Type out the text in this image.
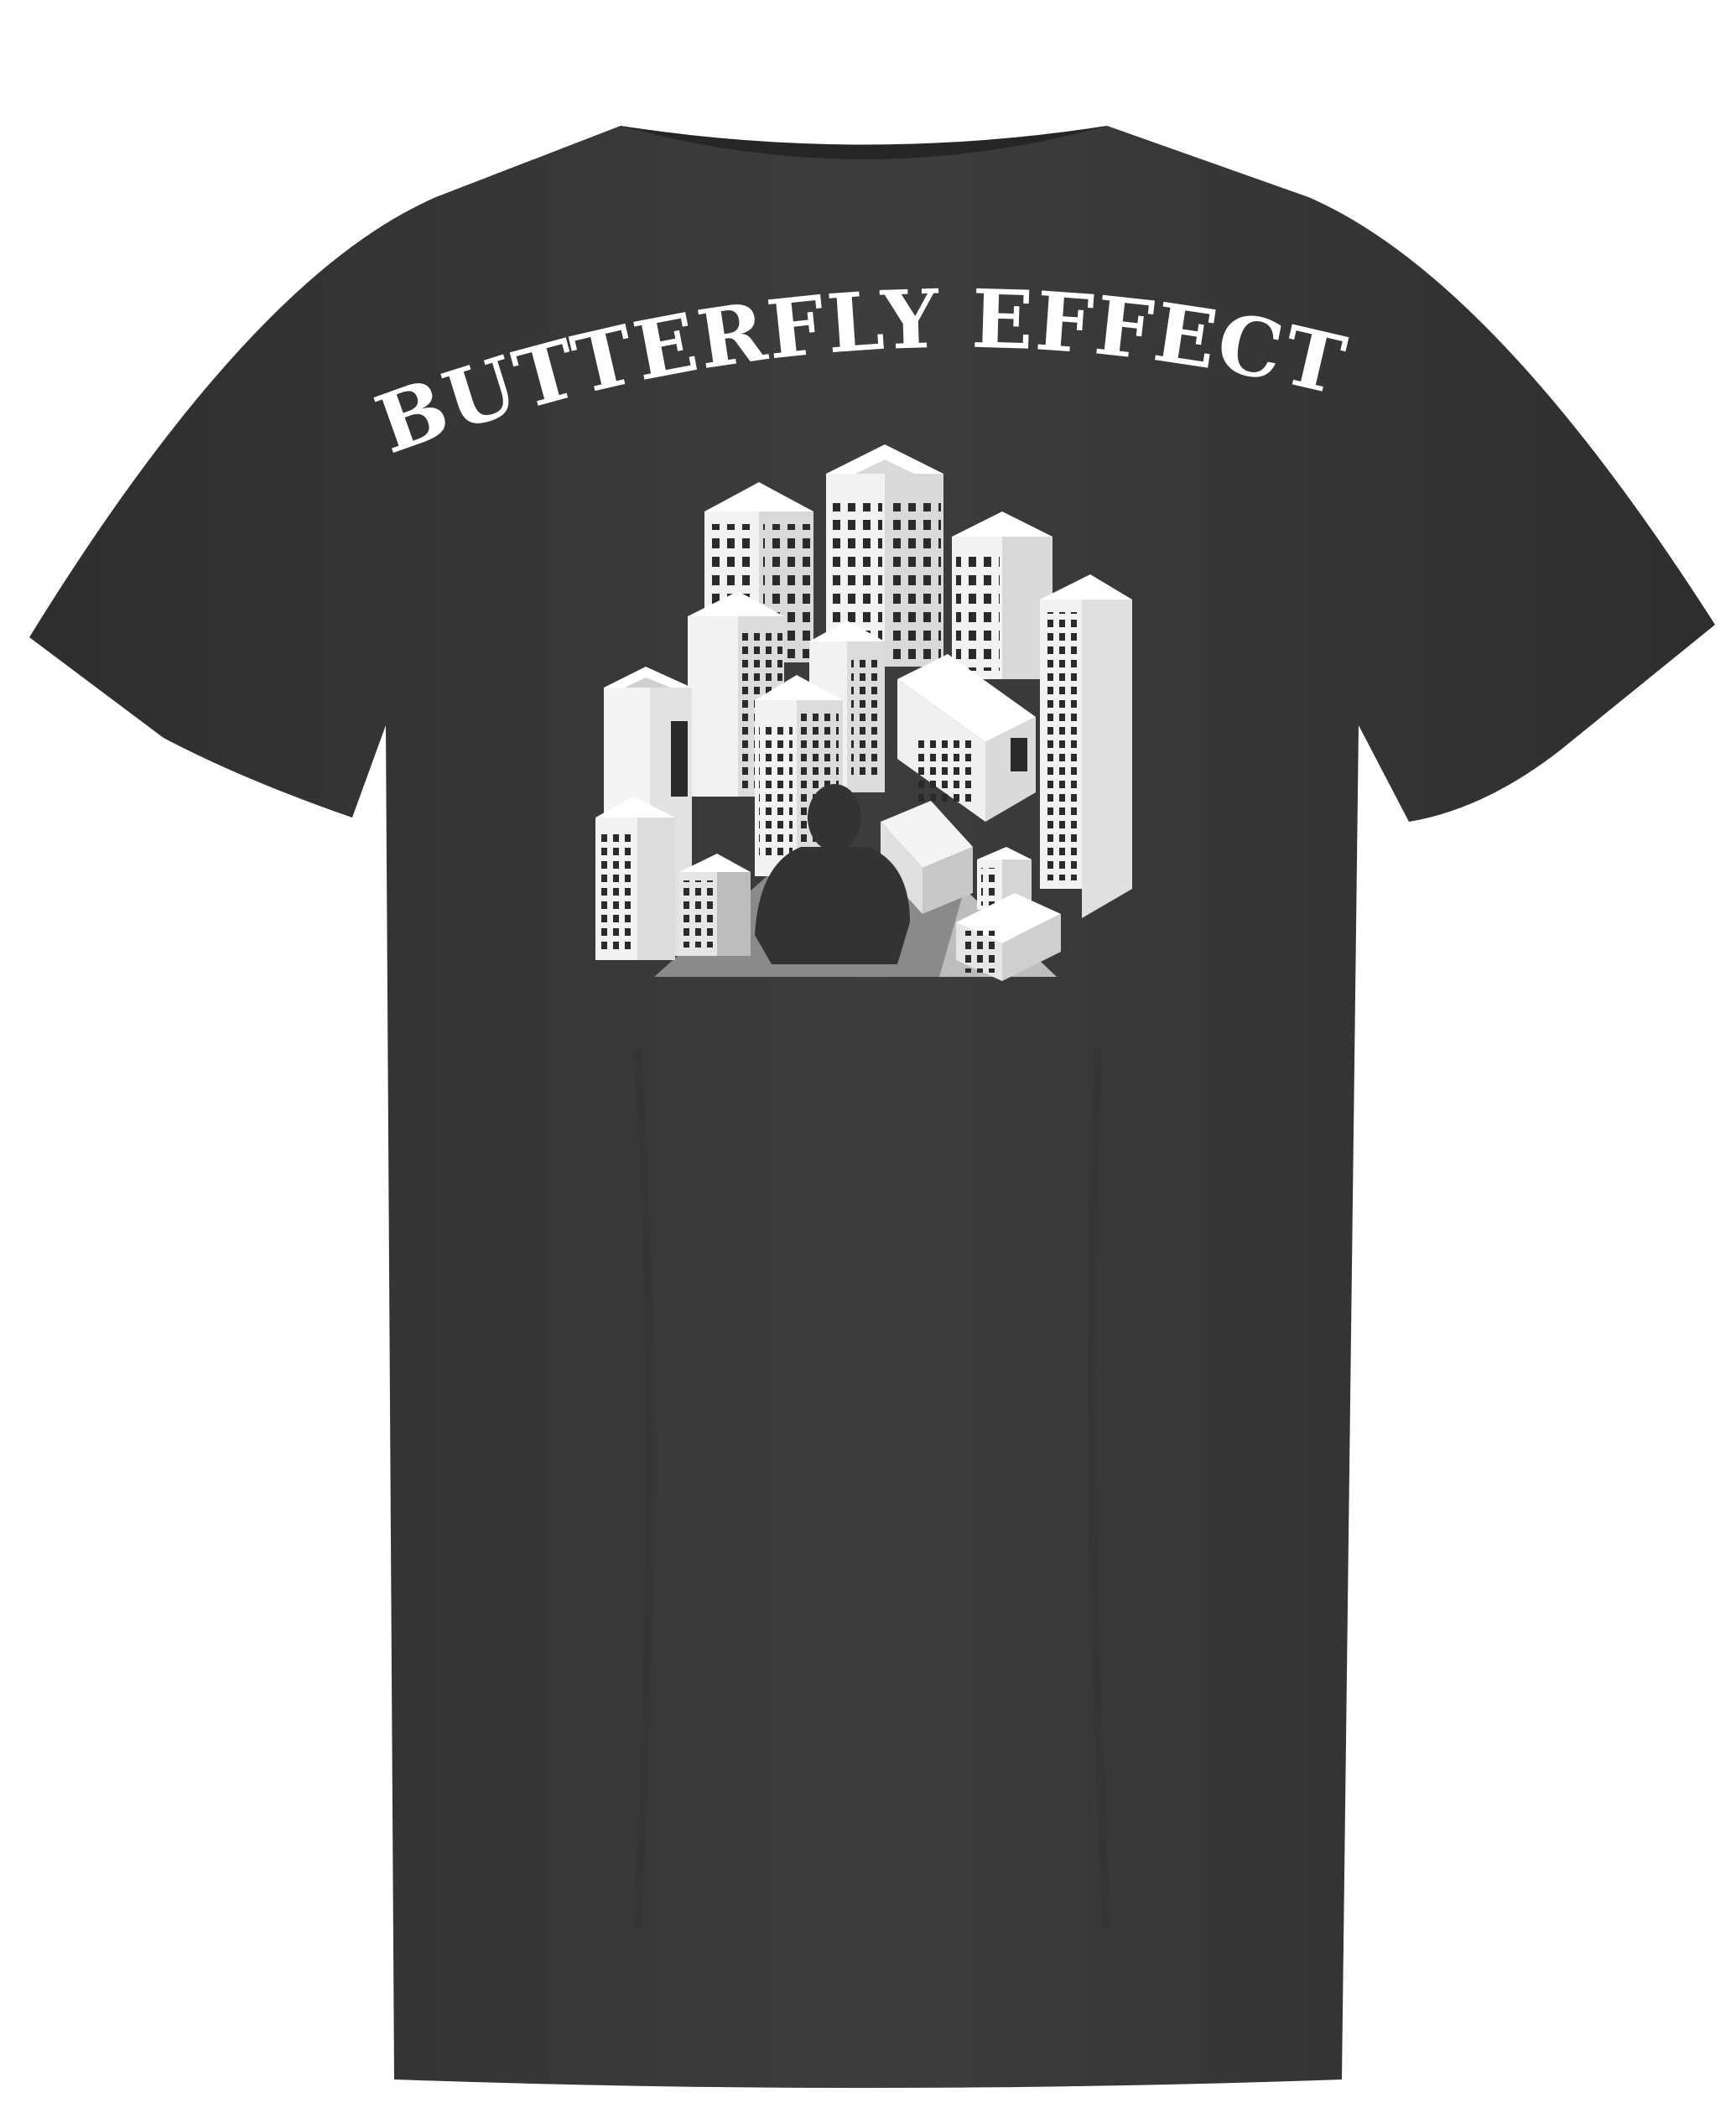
BUTTERFLY EFFECT
